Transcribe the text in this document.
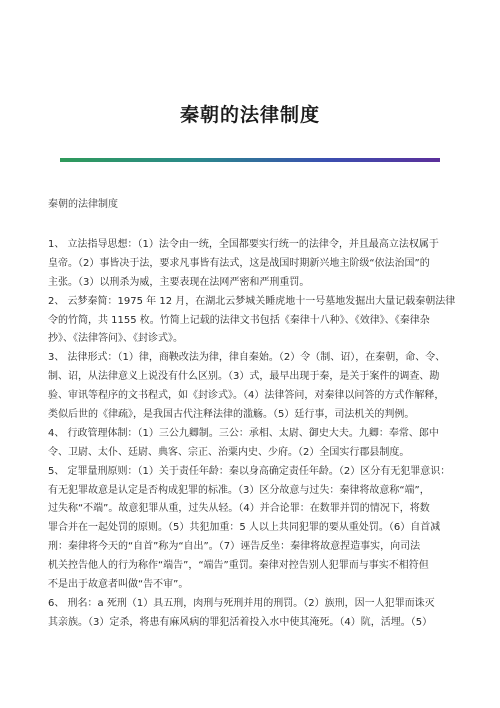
秦朝的法律制度
秦朝的法律制度
1、 立法指导思想：（1）法令由一统，全国都要实行统一的法律令，并且最高立法权属于
皇帝。（2）事皆决于法，要求凡事皆有法式，这是战国时期新兴地主阶级“依法治国”的
主张。（3）以刑杀为威，主要表现在法网严密和严刑重罚。
2、 云梦秦简：1975 年 12 月，在湖北云梦城关睡虎地十一号墓地发掘出大量记载秦朝法律
令的竹简，共 1155 枚。竹简上记载的法律文书包括《秦律十八种》、《效律》、《秦律杂
抄》、《法律答问》、《封诊式》。
3、 法律形式：（1）律，商鞅改法为律，律自秦始。（2）令（制、诏），在秦朝，命、令、
制、诏，从法律意义上说没有什么区别。（3）式，最早出现于秦，是关于案件的调查、勘
验、审讯等程序的文书程式，如《封诊式》。（4）法律答问，对秦律以问答的方式作解释，
类似后世的《律疏》，是我国古代注释法律的滥觞。（5）廷行事，司法机关的判例。
4、 行政管理体制：（1）三公九卿制。三公：承相、太尉、御史大夫。九卿：奉常、郎中
令、卫尉、太仆、廷尉、典客、宗正、治粟内史、少府。（2）全国实行郡县制度。
5、 定罪量刑原则：（1）关于责任年龄：秦以身高确定责任年龄。（2）区分有无犯罪意识：
有无犯罪故意是认定是否构成犯罪的标准。（3）区分故意与过失：秦律将故意称“端”，
过失称“不端”。故意犯罪从重，过失从轻。（4）并合论罪：在数罪并罚的情况下，将数
罪合并在一起处罚的原则。（5）共犯加重：5 人以上共同犯罪的要从重处罚。（6）自首减
刑：秦律将今天的“自首”称为“自出”。（7）诬告反坐：秦律将故意捏造事实，向司法
机关控告他人的行为称作“端告”，“端告”重罚。秦律对控告别人犯罪而与事实不相符但
不是出于故意者叫做“告不审”。
6、 刑名：a 死刑（1）具五刑，肉刑与死刑并用的刑罚。（2）族刑，因一人犯罪而诛灭
其亲族。（3）定杀，将患有麻风病的罪犯活着投入水中使其淹死。（4）阬，活埋。（5）
